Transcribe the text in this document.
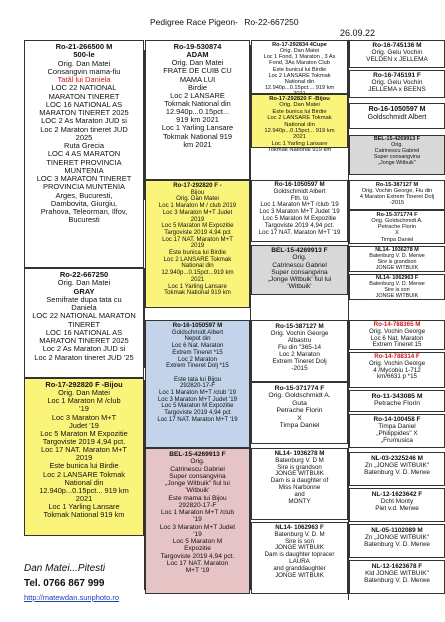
Pedigree Race Pigeon- Ro-22-667250
26.09.22
Ro-21-266500 M
500-le
Orig. Dan Matei
Consangvin mama-fiu
Tatăl lui Daniela
LOC 22 NATIONAL
MARATON TINERET
LOC 16 NATIONAL AS
MARATON TINERET 2025
LOC 2 As Maraton JUD si
Loc 2 Maraton tineret JUD
2025
Ruta Grecia
LOC 4 AS MARATON
TINERET PROVINCIA
MUNTENIA
LOC 3 MARATON TINERET
PROVINCIA MUNTENIA
Arges, Bucuresti,
Dambovita, Giurgiu,
Prahova, Teleorman, Ilfov,
Bucuresti
Ro-22-667250
Orig. Dan Matei
GRAY
Semifrate dupa tata cu
Daniela
LOC 22 NATIONAL MARATON
TINERET
LOC 16 NATIONAL AS
MARATON TINERET 2025
Loc 2 As Maraton JUD si
Loc 2 Maraton tineret JUD '25
Ro-17-292820 F -Bijou
Orig. Dan Matei
Loc 1 Maraton M /club
'19
Loc 3 Maraton M+T
Judet '19
Loc 5 Maraton M Expozitie
Targoviste 2019 4,94 pct.
Loc 17 NAT. Maraton M+T
2019
Este bunica lui Birdie
Loc 2 LANSARE Tokmak
National din
12.940p...0.15pct... 919 km
2021
Loc 1 Yarling Lansare
Tokmak National 919 km
Ro-19-530874
ADAM
Orig. Dan Matei
FRATE DE CUIB CU
MAMA LUI
Birdie
Loc 2 LANSARE
Tokmak National din
12.940p...0.15pct...
919 km 2021
Loc 1 Yarling Lansare
Tokmak National 919
km 2021
Ro-17-292820 F -
Bijou
Orig. Dan Matei
Loc 1 Maraton M / club 2019
Loc 3 Maraton M+T Judet
2019
Loc 5 Maraton M Expozitie
Targoviste 2019 4,94 pct
Loc 17 NAT. Maraton M+T
2019
Este bunica lui Birdie
Loc 2 LANSARE Tokmak
National din
12.940p...0.15pct...919 km
2021
Loc 1 Yarling Lansare
Tokmak National 919 km
Ro-16-1050597 M
Goldschmidt Albert
Nepot din
Loc 6 Nat. Maraton
Extrem Tineret *15
Loc 2 Maraton
Extrem Tineret Dolj *15

Este tata lui Bijou
292820-17-F
Loc 1 Maraton M+T /club '19
Loc 3 Maraton M+T Judet '19
Loc 5 Maraton M Expozitie
Targoviste 2019 4,94 pct
Loc 17 NAT. Maraton M+T '19
BEL-15-4269913 F
Orig.
Catrinescu Gabriel
Super consangvina
„Jonge Witbuik" fiul lui
'Witbuik'
Este mama lui Bijou
292820-17-F
Loc 1 Maraton M+T /club
'19
Loc 3 Maraton M+T Judet
'19
Loc 5 Maraton M
Expozitie
Targoviste 2019 4,94 pct.
Loc 17 NAT. Maraton
M+T '19
Ro-17-292834 4Cupe
Orig. Dan Matei
Loc 1 Fond, 1 Maraton , 3 As
Fond, 3As Maraton Club
Este bunicul lui Birdie
Loc 2 LANSARE Tokmak
National din
12.940p...0.15pct.... 919 km
Ro-17-292820 F -Bijou
Orig. Dan Matei
Este bunica lui Birdie
Loc 2 LANSARE Tokmak
National din
12.940p...0.15pct... 919 km
2021
Loc 1 Yarling Lansare
Tokmak National 919 km
Ro-16-1050597 M
Goldschmidt Albert
Fth. to
Loc 1 Maraton M+T /club '19
Loc 3 Maraton M+T Judet '19
Loc 5 Maraton M Expozitie
Targoviste 2019 4,94 pct.
Loc 17 NAT. Maraton M+T '19
BEL-15-4269913 F
Orig.
Catrinescu Gabriel
Super consangvina
„Jonge Witbuik' fiul lui
'Witbuik'
Ro-15-387127 M
Orig. Vochin George
Albastru
Fiu din "365-14
Loc 2 Maraton
Extrem Tineret Dolj
-2015
Ro-15-371774 F
Orig. Goldschmidt A.
Guta
Petrache Florin
X
Timpa Daniel
NL14- 1936278 M
Batenburg V. D M
Sire is grandson
JONGE WITBUIK
Dam is a daughter of
Miss Narbonne
and
MONTY
NL14- 1062963 F
Batenburg V. D. M
Sire is son
JONGE WITBUIK
Dam is daughter topracer
LAURA
and granddaughter
JONGE WITBUIK
Ro-16-745136 M
Orig. Gelu Vochin
VELDEN x JELLEMA
Ro-16-745191 F
Orig. Gelu Vochin
JELLEMA x BEENS
Ro-16-1050597 M
Goldschmidt Albert
BEL-15-4269913 F
Orig.
Catrinescu Gabriel
Super consangvina
„Jonge Witbuik"
Ro-15-387127 M
Orig. Vochin George, Fiu din
4 Maraton Extrem Tineret Dolj
-2015
Ro-15-371774 F
Orig. Goldschmidt A.
Petrache Florin
X
Timpa Daniel
NL14- 1936278 M
Batenburg V. D. Merwe
Sire is grandson
JONGE WITBUIK
NL14- 1062963 F
Batenburg V. D. Merwe
Sire is son
JONGE WITBUIK
Ro-14-788365 M
Orig. Vochin George
Loc 6 Nat. Maraton
Extrem Tineret 15
Ro-14-788314 F
Orig. Vochin George
4 /Mycobiu 1-712
km/6631 p *15
Ro-11-343085 M
Petrache Florin
Ro-14-100458 F
Timpa Daniel
„Philippides" X
„Frumusica
NL-03-2325246 M
Zn „JONGE WITBUIK"
Batenburg V. D. Merwe
NL-12-1623642 F
Dcht Monty
Piet v.d. Merwe
NL-05-1102089 M
Zn „JONGE WITBUIK"
Batenburg V. D. Merwe
NL-12-1623678 F
Kld JONGE WITBUIK"
Batenburg V. D. Merwe
Dan Matei...Pitesti
Tel. 0766 867 999
http://matewdan.sunphoto.ro
